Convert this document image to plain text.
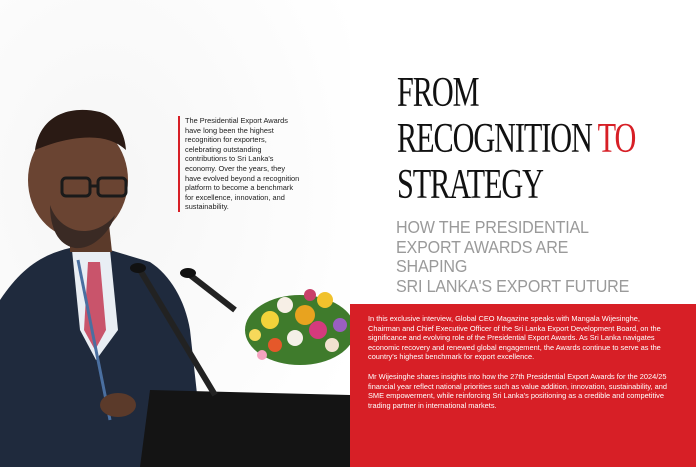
The Presidential Export Awards have long been the highest recognition for exporters, celebrating outstanding contributions to Sri Lanka's economy. Over the years, they have evolved beyond a recognition platform to become a benchmark for excellence, innovation, and sustainability.

FROM
RECOGNITION TO
STRATEGY
HOW THE PRESIDENTIAL
EXPORT AWARDS ARE
SHAPING
SRI LANKA'S EXPORT FUTURE

In this exclusive interview, Global CEO Magazine speaks with Mangala Wijesinghe, Chairman and Chief Executive Officer of the Sri Lanka Export Development Board, on the significance and evolving role of the Presidential Export Awards. As Sri Lanka navigates economic recovery and renewed global engagement, the Awards continue to serve as the country's highest benchmark for export excellence.

Mr Wijesinghe shares insights into how the 27th Presidential Export Awards for the 2024/25 financial year reflect national priorities such as value addition, innovation, sustainability, and SME empowerment, while reinforcing Sri Lanka's positioning as a credible and competitive trading partner in international markets.
